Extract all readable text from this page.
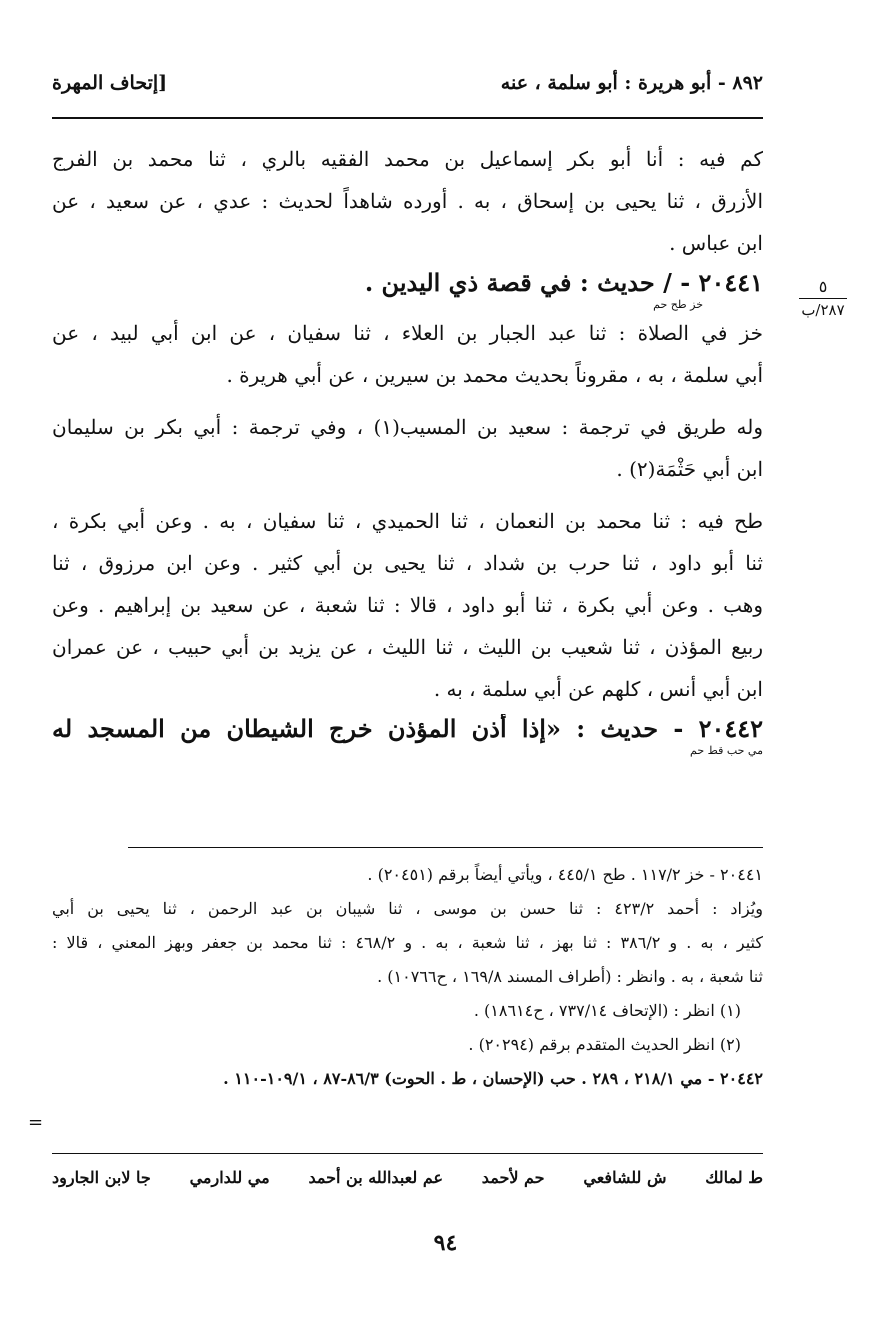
٨٩٢ - أبو هريرة : أبو سلمة ، عنه
[إتحاف المهرة
٥
٢٨٧/ب
كم فيه : أنا أبو بكر إسماعيل بن محمد الفقيه بالري ، ثنا محمد بن الفرج
الأزرق ، ثنا يحيى بن إسحاق ، به . أورده شاهداً لحديث : عدي ، عن سعيد ، عن
ابن عباس .
٢٠٤٤١ - / حديث : في قصة ذي اليدين .
خز طح حم
خز في الصلاة : ثنا عبد الجبار بن العلاء ، ثنا سفيان ، عن ابن أبي لبيد ، عن
أبي سلمة ، به ، مقروناً بحديث محمد بن سيرين ، عن أبي هريرة .
وله طريق في ترجمة : سعيد بن المسيب(١) ، وفي ترجمة : أبي بكر بن سليمان
ابن أبي حَثْمَة(٢) .
طح فيه : ثنا محمد بن النعمان ، ثنا الحميدي ، ثنا سفيان ، به . وعن أبي بكرة ،
ثنا أبو داود ، ثنا حرب بن شداد ، ثنا يحيى بن أبي كثير . وعن ابن مرزوق ، ثنا
وهب . وعن أبي بكرة ، ثنا أبو داود ، قالا : ثنا شعبة ، عن سعيد بن إبراهيم . وعن
ربيع المؤذن ، ثنا شعيب بن الليث ، ثنا الليث ، عن يزيد بن أبي حبيب ، عن عمران
ابن أبي أنس ، كلهم عن أبي سلمة ، به .
٢٠٤٤٢ - حديث : «إذا أذن المؤذن خرج الشيطان من المسجد له
مي حب قط حم
٢٠٤٤١ - خز ١١٧/٢ . طح ٤٤٥/١ ، ويأتي أيضاً برقم (٢٠٤٥١) .
ويُزاد : أحمد ٤٢٣/٢ : ثنا حسن بن موسى ، ثنا شيبان بن عبد الرحمن ، ثنا يحيى بن أبي
كثير ، به . و ٣٨٦/٢ : ثنا بهز ، ثنا شعبة ، به . و ٤٦٨/٢ : ثنا محمد بن جعفر وبهز المعني ، قالا :
ثنا شعبة ، به . وانظر : (أطراف المسند ١٦٩/٨ ، ح١٠٧٦٦) .
(١) انظر : (الإتحاف ٧٣٧/١٤ ، ح١٨٦١٤) .
(٢) انظر الحديث المتقدم برقم (٢٠٢٩٤) .
٢٠٤٤٢ - مي ٢١٨/١ ، ٢٨٩ . حب (الإحسان ، ط . الحوت) ٨٦/٣-٨٧ ، ١٠٩/١-١١٠ .
=
ط لمالك
ش للشافعي
حم لأحمد
عم لعبدالله بن أحمد
مي للدارمي
جا لابن الجارود
٩٤
